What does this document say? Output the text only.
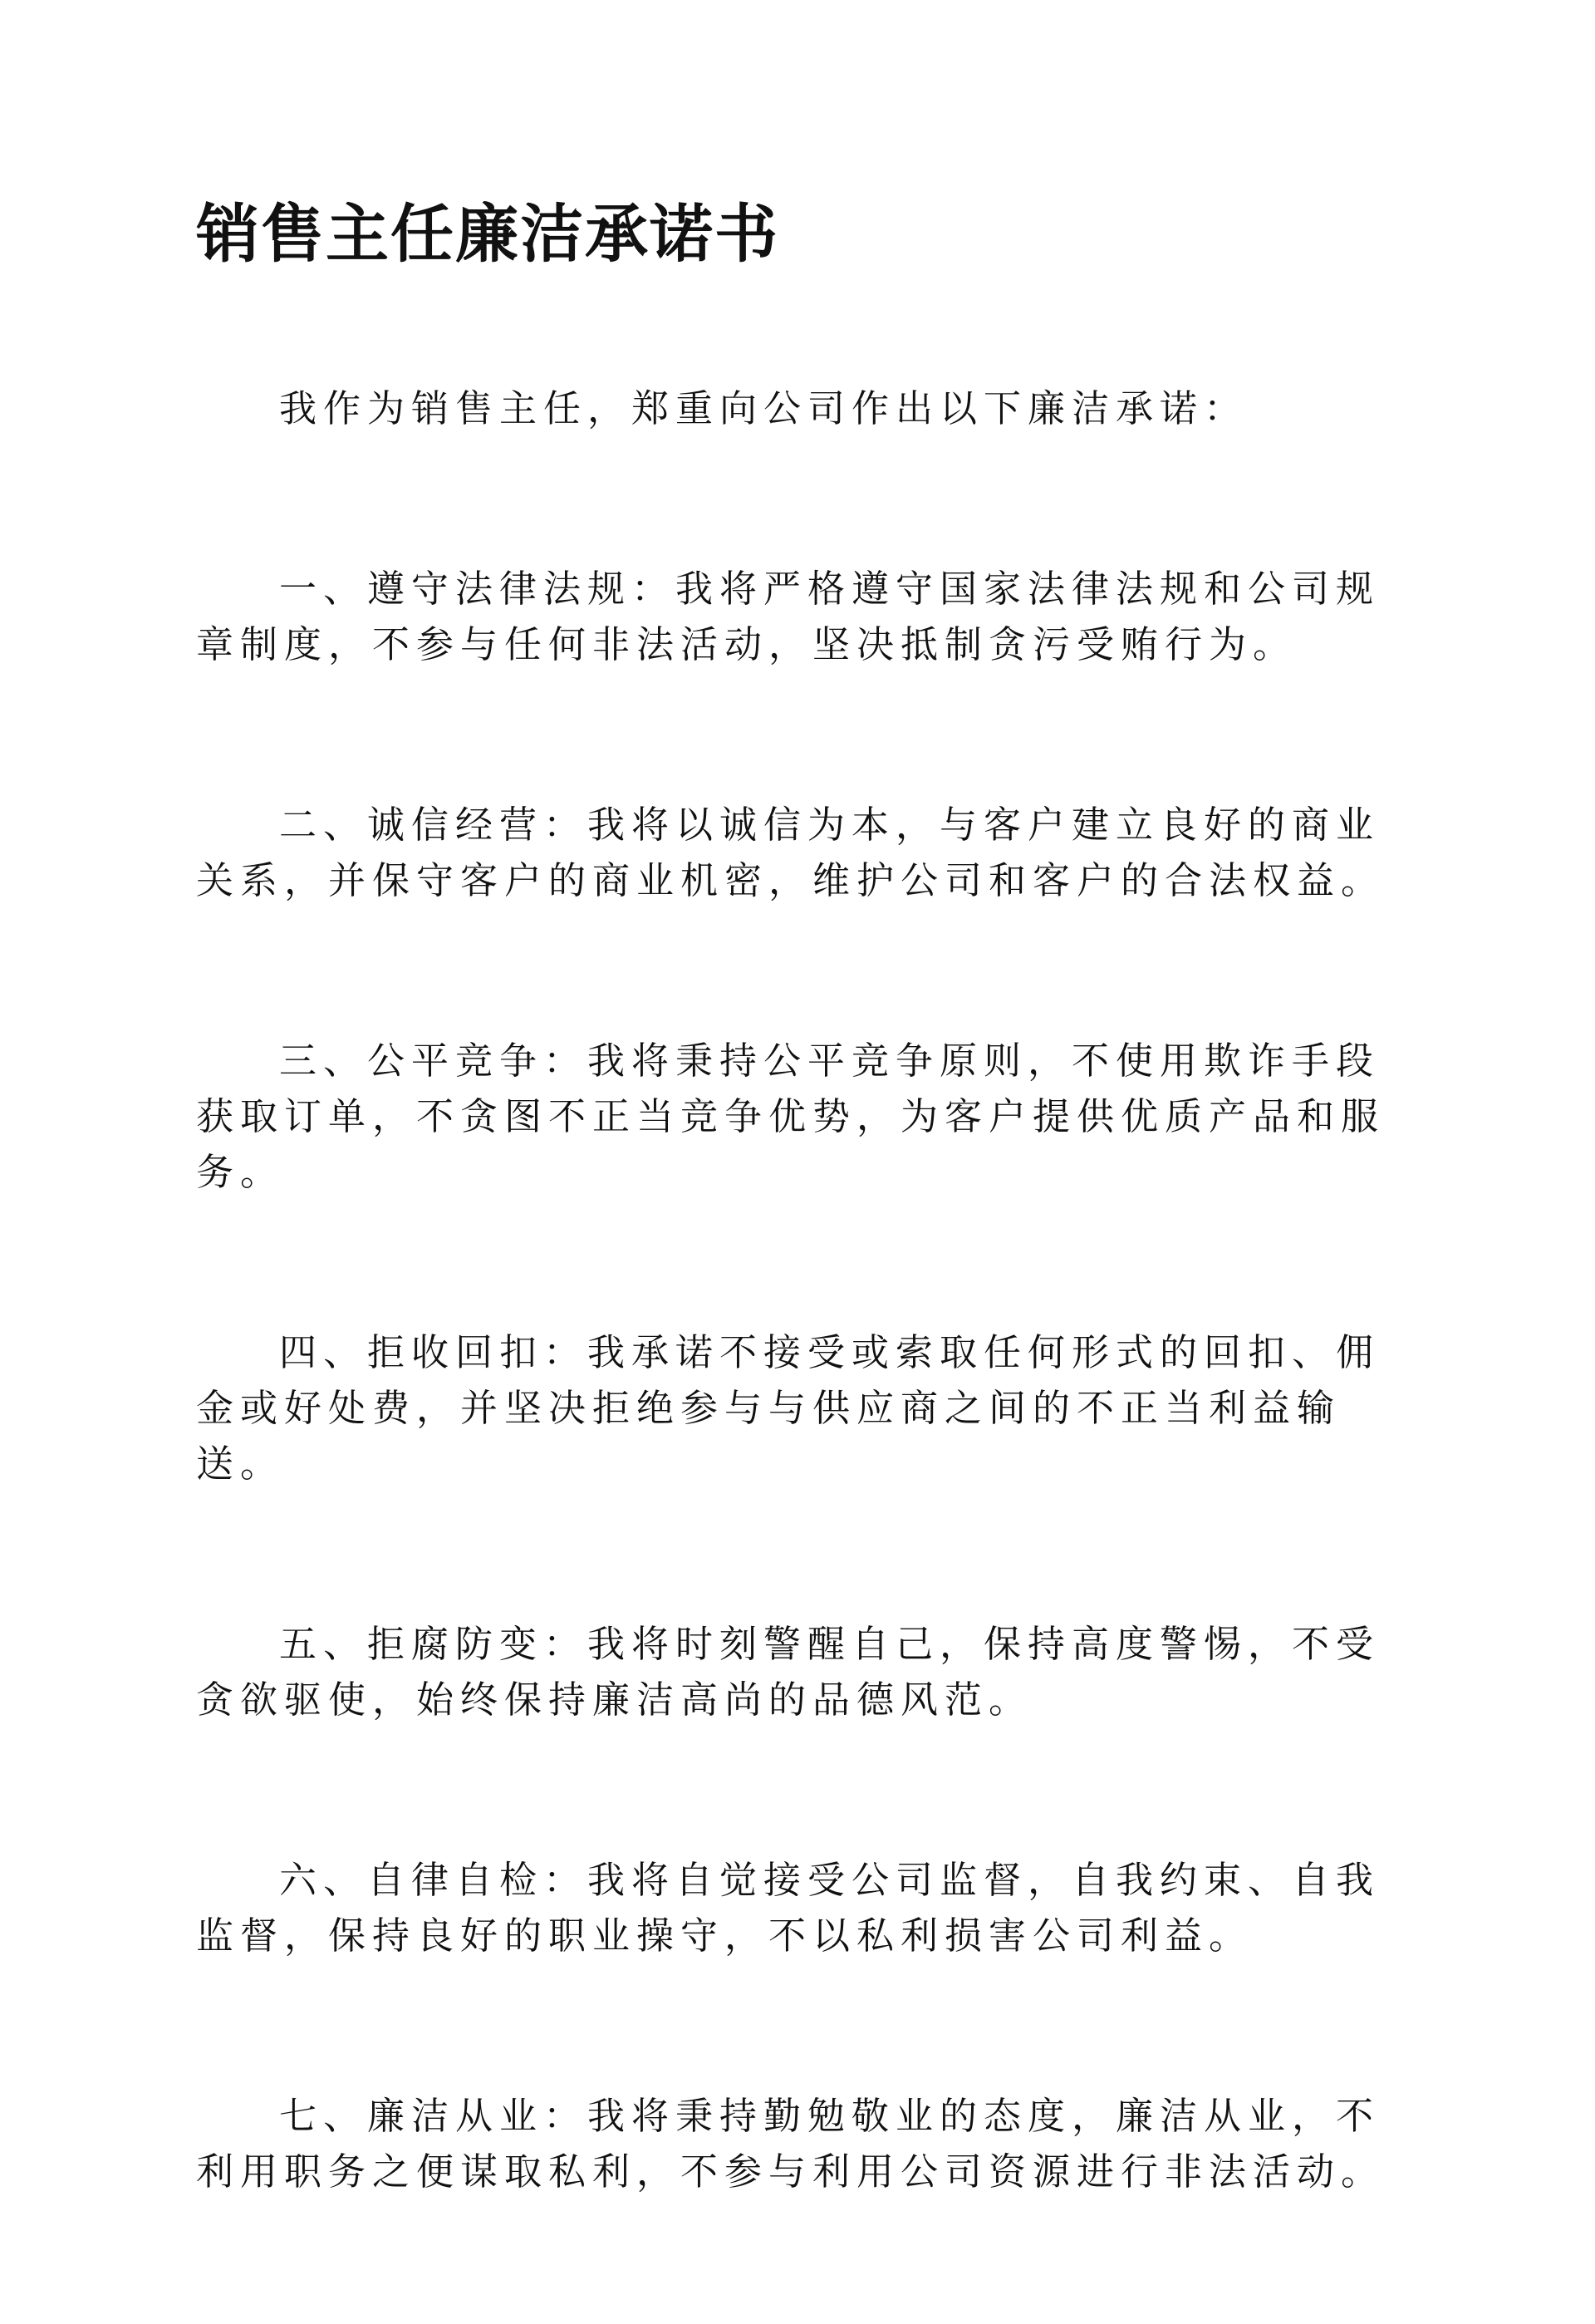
销售主任廉洁承诺书

我作为销售主任，郑重向公司作出以下廉洁承诺：

一、遵守法律法规：我将严格遵守国家法律法规和公司规章制度，不参与任何非法活动，坚决抵制贪污受贿行为。

二、诚信经营：我将以诚信为本，与客户建立良好的商业关系，并保守客户的商业机密，维护公司和客户的合法权益。

三、公平竞争：我将秉持公平竞争原则，不使用欺诈手段获取订单，不贪图不正当竞争优势，为客户提供优质产品和服务。

四、拒收回扣：我承诺不接受或索取任何形式的回扣、佣金或好处费，并坚决拒绝参与与供应商之间的不正当利益输送。

五、拒腐防变：我将时刻警醒自己，保持高度警惕，不受贪欲驱使，始终保持廉洁高尚的品德风范。

六、自律自检：我将自觉接受公司监督，自我约束、自我监督，保持良好的职业操守，不以私利损害公司利益。

七、廉洁从业：我将秉持勤勉敬业的态度，廉洁从业，不利用职务之便谋取私利，不参与利用公司资源进行非法活动。
